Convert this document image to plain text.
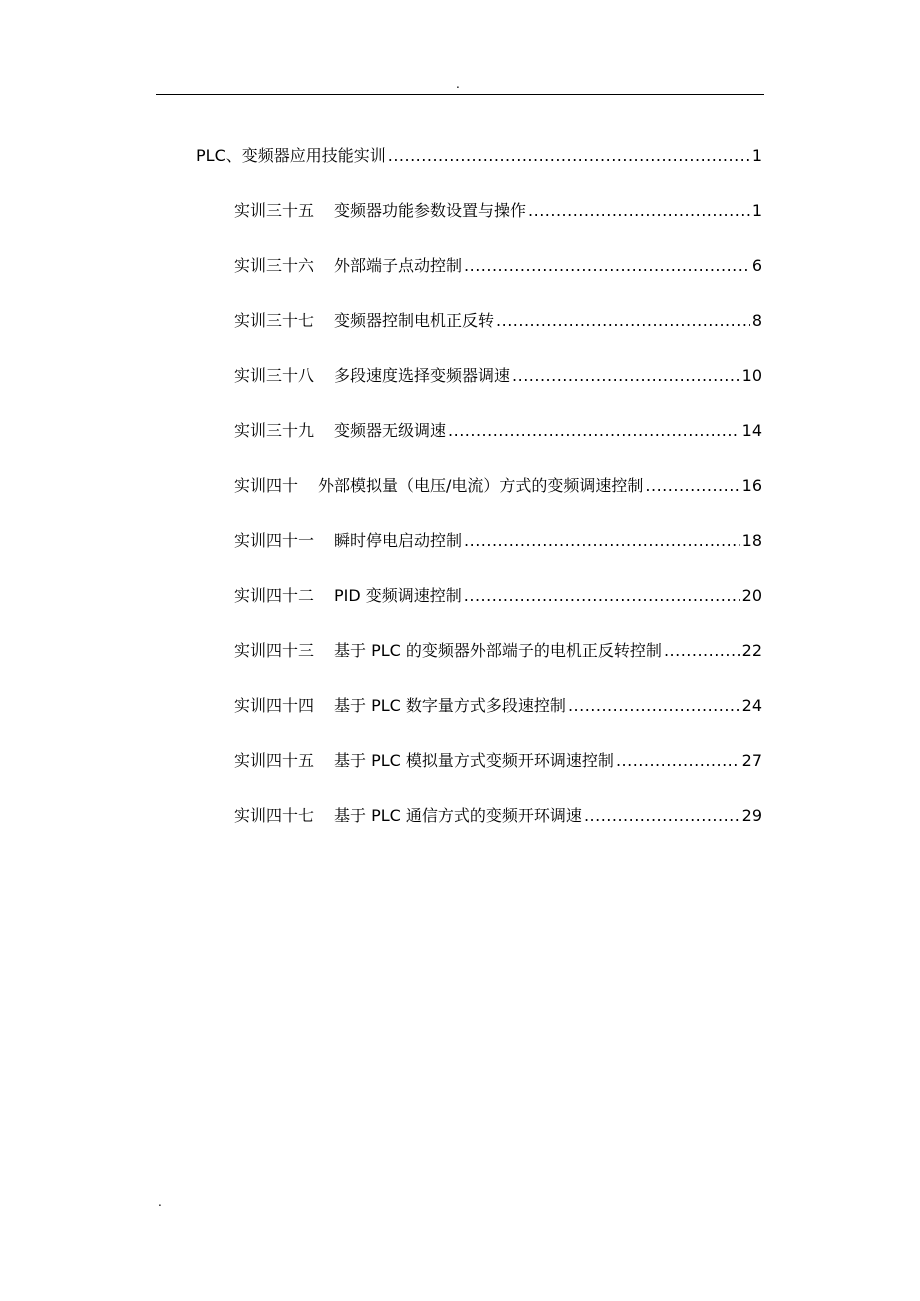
.
PLC、变频器应用技能实训 .....	1
实训三十五 变频器功能参数设置与操作 .....	1
实训三十六 外部端子点动控制 .....	6
实训三十七 变频器控制电机正反转 .....	8
实训三十八 多段速度选择变频器调速 .....	10
实训三十九 变频器无级调速 .....	14
实训四十 外部模拟量（电压/电流）方式的变频调速控制 .....	16
实训四十一 瞬时停电启动控制 .....	18
实训四十二 PID 变频调速控制 .....	20
实训四十三 基于 PLC 的变频器外部端子的电机正反转控制 .....	22
实训四十四 基于 PLC 数字量方式多段速控制 .....	24
实训四十五 基于 PLC 模拟量方式变频开环调速控制 .....	27
实训四十七 基于 PLC 通信方式的变频开环调速 .....	29
.
